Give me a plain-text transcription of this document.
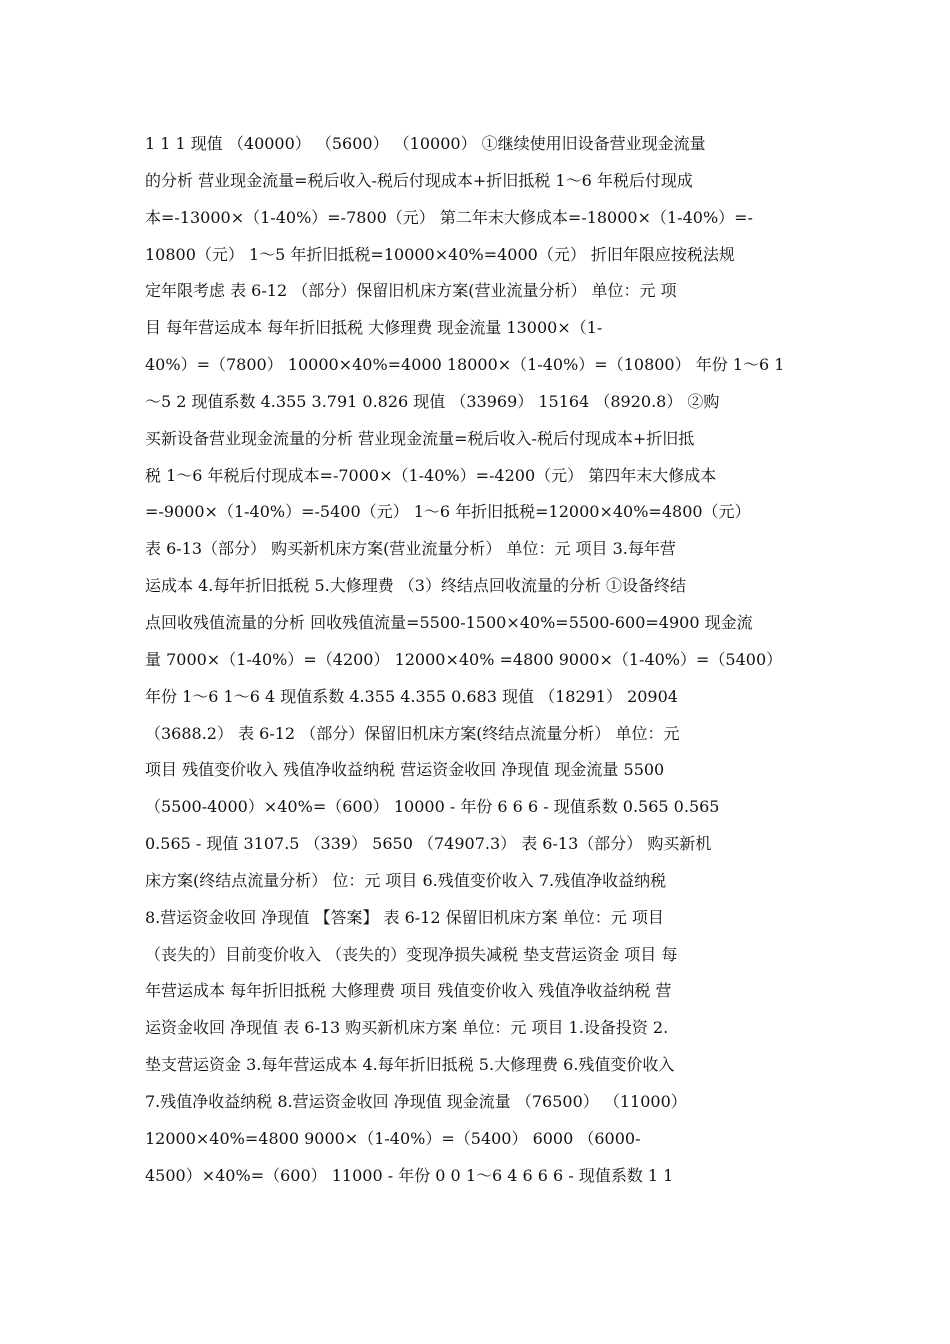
1 1 1 现值 （40000） （5600） （10000） ①继续使用旧设备营业现金流量
的分析 营业现金流量=税后收入-税后付现成本+折旧抵税 1～6 年税后付现成
本=-13000×（1-40%）=-7800（元） 第二年末大修成本=-18000×（1-40%）=-
10800（元） 1～5 年折旧抵税=10000×40%=4000（元） 折旧年限应按税法规
定年限考虑 表 6-12 （部分）保留旧机床方案(营业流量分析） 单位：元 项
目 每年营运成本 每年折旧抵税 大修理费 现金流量 13000×（1-
40%）=（7800） 10000×40%=4000 18000×（1-40%）=（10800） 年份 1～6 1
～5 2 现值系数 4.355 3.791 0.826 现值 （33969） 15164 （8920.8） ②购
买新设备营业现金流量的分析 营业现金流量=税后收入-税后付现成本+折旧抵
税 1～6 年税后付现成本=-7000×（1-40%）=-4200（元） 第四年末大修成本
=-9000×（1-40%）=-5400（元） 1～6 年折旧抵税=12000×40%=4800（元）
表 6-13（部分） 购买新机床方案(营业流量分析） 单位：元 项目 3.每年营
运成本 4.每年折旧抵税 5.大修理费 （3）终结点回收流量的分析 ①设备终结
点回收残值流量的分析 回收残值流量=5500-1500×40%=5500-600=4900 现金流
量 7000×（1-40%）=（4200） 12000×40% =4800 9000×（1-40%）=（5400）
年份 1～6 1～6 4 现值系数 4.355 4.355 0.683 现值 （18291） 20904
（3688.2） 表 6-12 （部分）保留旧机床方案(终结点流量分析） 单位：元
项目 残值变价收入 残值净收益纳税 营运资金收回 净现值 现金流量 5500
（5500-4000）×40%=（600） 10000 - 年份 6 6 6 - 现值系数 0.565 0.565
0.565 - 现值 3107.5 （339） 5650 （74907.3） 表 6-13（部分） 购买新机
床方案(终结点流量分析） 位：元 项目 6.残值变价收入 7.残值净收益纳税
8.营运资金收回 净现值 【答案】 表 6-12 保留旧机床方案 单位：元 项目
（丧失的）目前变价收入 （丧失的）变现净损失减税 垫支营运资金 项目 每
年营运成本 每年折旧抵税 大修理费 项目 残值变价收入 残值净收益纳税 营
运资金收回 净现值 表 6-13 购买新机床方案 单位：元 项目 1.设备投资 2.
垫支营运资金 3.每年营运成本 4.每年折旧抵税 5.大修理费 6.残值变价收入
7.残值净收益纳税 8.营运资金收回 净现值 现金流量 （76500） （11000）
12000×40%=4800 9000×（1-40%）=（5400） 6000 （6000-
4500）×40%=（600） 11000 - 年份 0 0 1～6 4 6 6 6 - 现值系数 1 1
